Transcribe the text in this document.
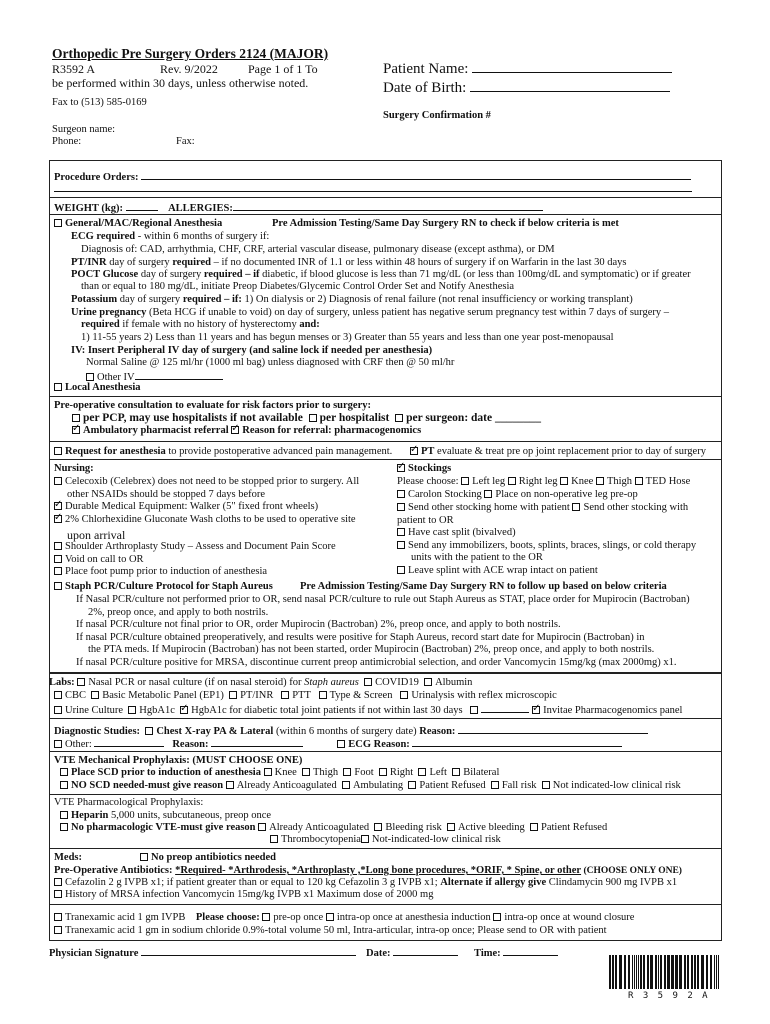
Orthopedic Pre Surgery Orders 2124 (MAJOR)
R3592 A	Rev. 9/2022	Page 1 of 1 To
be performed within 30 days, unless otherwise noted.
Fax to (513) 585-0169
Patient Name:
Date of Birth:
Surgery Confirmation #
Surgeon name:
Phone:	Fax:
Procedure Orders:
WEIGHT (kg):	ALLERGIES:
General/MAC/Regional Anesthesia	Pre Admission Testing/Same Day Surgery RN to check if below criteria is met
ECG required - within 6 months of surgery if:
Diagnosis of: CAD, arrhythmia, CHF, CRF, arterial vascular disease, pulmonary disease (except asthma), or DM
PT/INR day of surgery required – if no documented INR of 1.1 or less within 48 hours of surgery if on Warfarin in the last 30 days
POCT Glucose day of surgery required – if diabetic, if blood glucose is less than 71 mg/dL (or less than 100mg/dL and symptomatic) or if greater
than or equal to 180 mg/dL, initiate Preop Diabetes/Glycemic Control Order Set and Notify Anesthesia
Potassium day of surgery required – if: 1) On dialysis or 2) Diagnosis of renal failure (not renal insufficiency or working transplant)
Urine pregnancy (Beta HCG if unable to void) on day of surgery, unless patient has negative serum pregnancy test within 7 days of surgery –
required if female with no history of hysterectomy and:
1) 11-55 years 2) Less than 11 years and has begun menses or 3) Greater than 55 years and less than one year post-menopausal
IV: Insert Peripheral IV day of surgery (and saline lock if needed per anesthesia)
Normal Saline @ 125 ml/hr (1000 ml bag) unless diagnosed with CRF then @ 50 ml/hr
Other IV
Local Anesthesia
Pre-operative consultation to evaluate for risk factors prior to surgery:
per PCP, may use hospitalists if not available per hospitalist per surgeon: date ________
✓Ambulatory pharmacist referral ✓ Reason for referral: pharmacogenomics
Request for anesthesia to provide postoperative advanced pain management. ✓	PT evaluate & treat pre op joint replacement prior to day of surgery
Nursing:
Celecoxib (Celebrex) does not need to be stopped prior to surgery. All
other NSAIDs should be stopped 7 days before
✓Durable Medical Equipment: Walker (5" fixed front wheels)
✓2% Chlorhexidine Gluconate Wash cloths to be used to operative site
upon arrival
Shoulder Arthroplasty Study – Assess and Document Pain Score
Void on call to OR
Place foot pump prior to induction of anesthesia
✓Stockings
Please choose: Left leg Right leg Knee Thigh TED Hose
Carolon Stocking Place on non-operative leg pre-op
Send other stocking home with patient Send other stocking with
patient to OR
Have cast split (bivalved)
Send any immobilizers, boots, splints, braces, slings, or cold therapy
units with the patient to the OR
Leave splint with ACE wrap intact on patient
Staph PCR/Culture Protocol for Staph Aureus	Pre Admission Testing/Same Day Surgery RN to follow up based on below criteria
If Nasal PCR/culture not performed prior to OR, send nasal PCR/culture to rule out Staph Aureus as STAT, place order for Mupirocin (Bactroban)
2%, preop once, and apply to both nostrils.
If nasal PCR/culture not final prior to OR, order Mupirocin (Bactroban) 2%, preop once, and apply to both nostrils.
If nasal PCR/culture obtained preoperatively, and results were positive for Staph Aureus, record start date for Mupirocin (Bactroban) in
the PTA meds. If Mupirocin (Bactroban) has not been started, order Mupirocin (Bactroban) 2%, preop once, and apply to both nostrils.
If nasal PCR/culture positive for MRSA, discontinue current preop antimicrobial selection, and order Vancomycin 15mg/kg (max 2000mg) x1.
Labs: Nasal PCR or nasal culture (if on nasal steroid) for Staph aureus COVID19 Albumin
CBC Basic Metabolic Panel (EP1) PT/INR PTT Type & Screen Urinalysis with reflex microscopic
Urine Culture HgbA1c ✓ HgbA1c for diabetic total joint patients if not within last 30 days ✓	Invitae Pharmacogenomics panel
Diagnostic Studies: Chest X-ray PA & Lateral (within 6 months of surgery date) Reason:
Other:	Reason:	ECG Reason:
VTE Mechanical Prophylaxis: (MUST CHOOSE ONE)
Place SCD prior to induction of anesthesia Knee Thigh Foot Right Left Bilateral
NO SCD needed-must give reason Already Anticoagulated Ambulating Patient Refused Fall risk Not indicated-low clinical risk
VTE Pharmacological Prophylaxis:
Heparin 5,000 units, subcutaneous, preop once
No pharmacologic VTE-must give reason Already Anticoagulated Bleeding risk Active bleeding Patient Refused
Thrombocytopenia Not-indicated-low clinical risk
Meds:	No preop antibiotics needed
Pre-Operative Antibiotics: *Required- *Arthrodesis, *Arthroplasty ,*Long bone procedures, *ORIF, * Spine, or other (CHOOSE ONLY ONE)
Cefazolin 2 g IVPB x1; if patient greater than or equal to 120 kg Cefazolin 3 g IVPB x1; Alternate if allergy give Clindamycin 900 mg IVPB x1
History of MRSA infection Vancomycin 15mg/kg IVPB x1 Maximum dose of 2000 mg
Tranexamic acid 1 gm IVPB Please choose: pre-op once intra-op once at anesthesia induction intra-op once at wound closure
Tranexamic acid 1 gm in sodium chloride 0.9%-total volume 50 ml, Intra-articular, intra-op once; Please send to OR with patient
Physician Signature	Date:	Time:
R 3 5 9 2 A
